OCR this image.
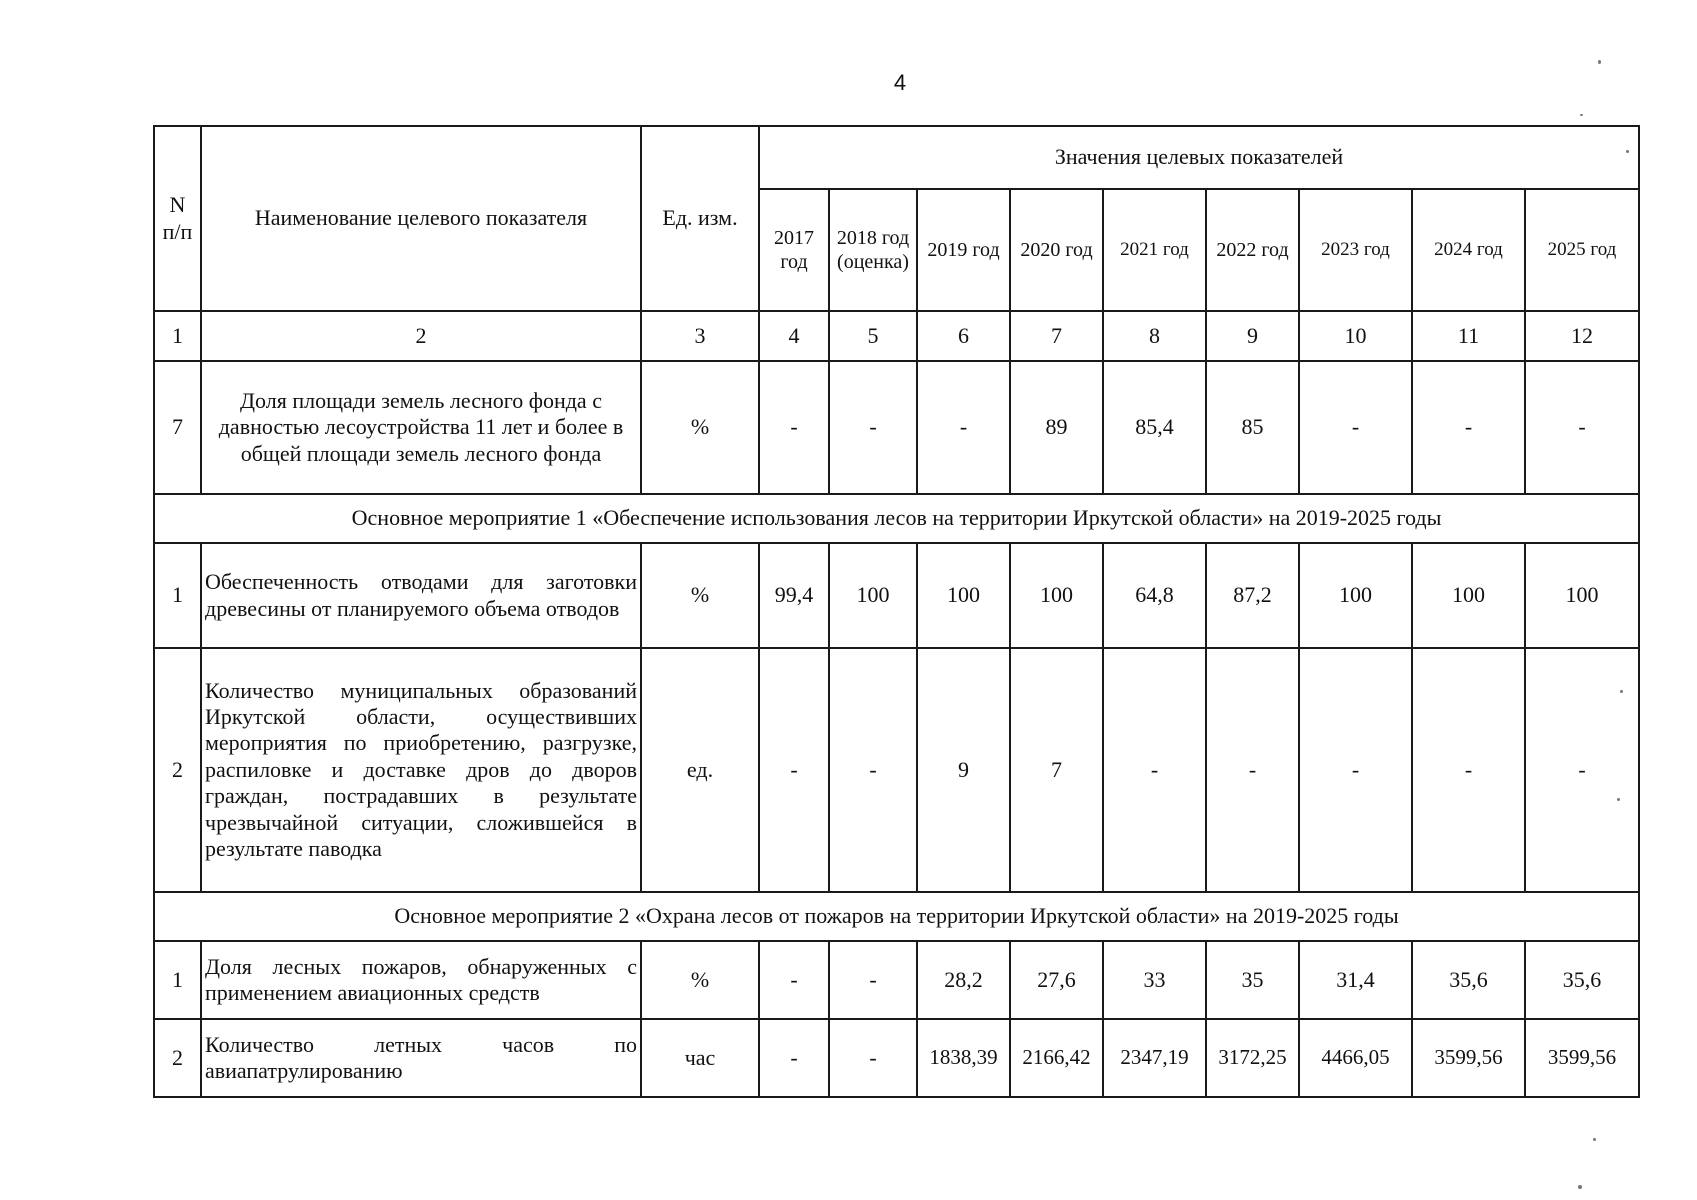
4
N п/п	Наименование целевого показателя	Ед. изм.	Значения целевых показателей								
			2017 год	2018 год (оценка)	2019 год	2020 год	2021 год	2022 год	2023 год	2024 год	2025 год
1	2	3	4	5	6	7	8	9	10	11	12
7	Доля площади земель лесного фонда с давностью лесоустройства 11 лет и более в общей площади земель лесного фонда	%	-	-	-	89	85,4	85	-	-	-
Основное мероприятие 1 «Обеспечение использования лесов на территории Иркутской области» на 2019-2025 годы											
1	Обеспеченность отводами для заготовки древесины от планируемого объема отводов	%	99,4	100	100	100	64,8	87,2	100	100	100
2	Количество муниципальных образований Иркутской области, осуществивших мероприятия по приобретению, разгрузке, распиловке и доставке дров до дворов граждан, пострадавших в результате чрезвычайной ситуации, сложившейся в результате паводка	ед.	-	-	9	7	-	-	-	-	-
Основное мероприятие 2 «Охрана лесов от пожаров на территории Иркутской области» на 2019-2025 годы											
1	Доля лесных пожаров, обнаруженных с применением авиационных средств	%	-	-	28,2	27,6	33	35	31,4	35,6	35,6
2	Количество летных часов по авиапатрулированию	час	-	-	1838,39	2166,42	2347,19	3172,25	4466,05	3599,56	3599,56
